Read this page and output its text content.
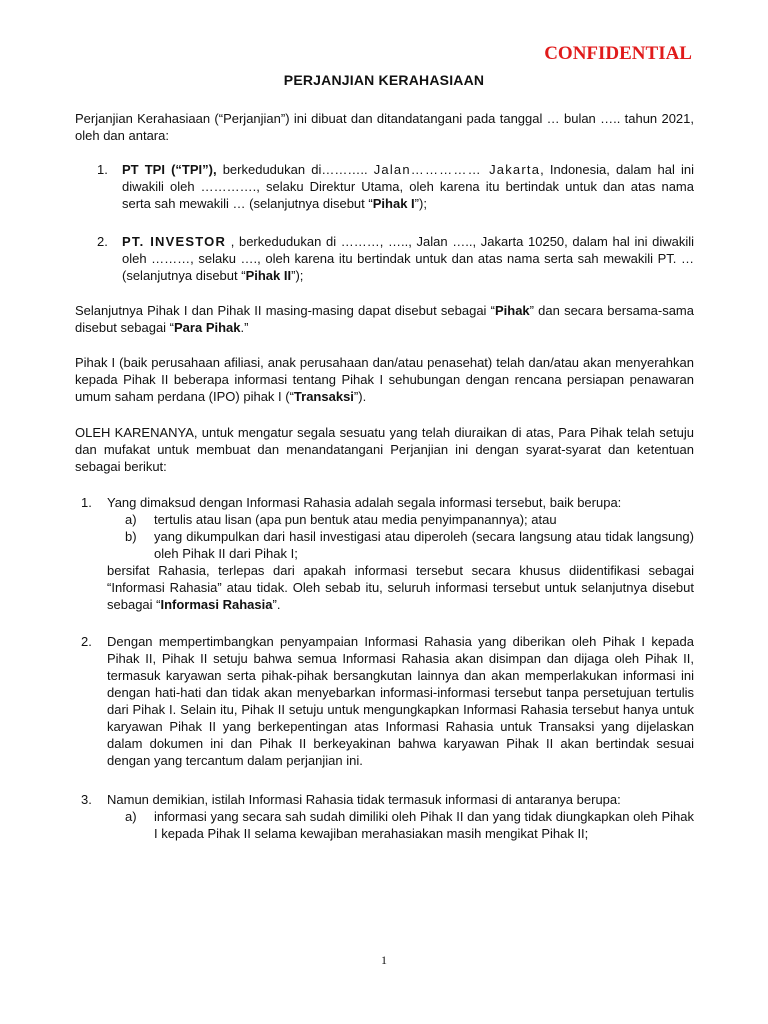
CONFIDENTIAL
PERJANJIAN KERAHASIAAN
Perjanjian Kerahasiaan (“Perjanjian”) ini dibuat dan ditandatangani pada tanggal … bulan ….. tahun 2021, oleh dan antara:
1. PT TPI (“TPI”), berkedudukan di……….. Jalan…………… Jakarta, Indonesia, dalam hal ini diwakili oleh …………., selaku Direktur Utama, oleh karena itu bertindak untuk dan atas nama serta sah mewakili … (selanjutnya disebut “Pihak I”);
2. PT. INVESTOR , berkedudukan di ………, ….., Jalan ….., Jakarta 10250, dalam hal ini diwakili oleh ………, selaku …., oleh karena itu bertindak untuk dan atas nama serta sah mewakili PT. … (selanjutnya disebut “Pihak II”);
Selanjutnya Pihak I dan Pihak II masing-masing dapat disebut sebagai “Pihak” dan secara bersama-sama disebut sebagai “Para Pihak.”
Pihak I (baik perusahaan afiliasi, anak perusahaan dan/atau penasehat) telah dan/atau akan menyerahkan kepada Pihak II beberapa informasi tentang Pihak I sehubungan dengan rencana persiapan penawaran umum saham perdana (IPO) pihak I (“Transaksi”).
OLEH KARENANYA, untuk mengatur segala sesuatu yang telah diuraikan di atas, Para Pihak telah setuju dan mufakat untuk membuat dan menandatangani Perjanjian ini dengan syarat-syarat dan ketentuan sebagai berikut:
1. Yang dimaksud dengan Informasi Rahasia adalah segala informasi tersebut, baik berupa:
a) tertulis atau lisan (apa pun bentuk atau media penyimpanannya); atau
b) yang dikumpulkan dari hasil investigasi atau diperoleh (secara langsung atau tidak langsung) oleh Pihak II dari Pihak I;
bersifat Rahasia, terlepas dari apakah informasi tersebut secara khusus diidentifikasi sebagai “Informasi Rahasia” atau tidak. Oleh sebab itu, seluruh informasi tersebut untuk selanjutnya disebut sebagai “Informasi Rahasia”.
2. Dengan mempertimbangkan penyampaian Informasi Rahasia yang diberikan oleh Pihak I kepada Pihak II, Pihak II setuju bahwa semua Informasi Rahasia akan disimpan dan dijaga oleh Pihak II, termasuk karyawan serta pihak-pihak bersangkutan lainnya dan akan memperlakukan informasi ini dengan hati-hati dan tidak akan menyebarkan informasi-informasi tersebut tanpa persetujuan tertulis dari Pihak I. Selain itu, Pihak II setuju untuk mengungkapkan Informasi Rahasia tersebut hanya untuk karyawan Pihak II yang berkepentingan atas Informasi Rahasia untuk Transaksi yang dijelaskan dalam dokumen ini dan Pihak II berkeyakinan bahwa karyawan Pihak II akan bertindak sesuai dengan yang tercantum dalam perjanjian ini.
3. Namun demikian, istilah Informasi Rahasia tidak termasuk informasi di antaranya berupa:
a) informasi yang secara sah sudah dimiliki oleh Pihak II dan yang tidak diungkapkan oleh Pihak I kepada Pihak II selama kewajiban merahasiakan masih mengikat Pihak II;
1
